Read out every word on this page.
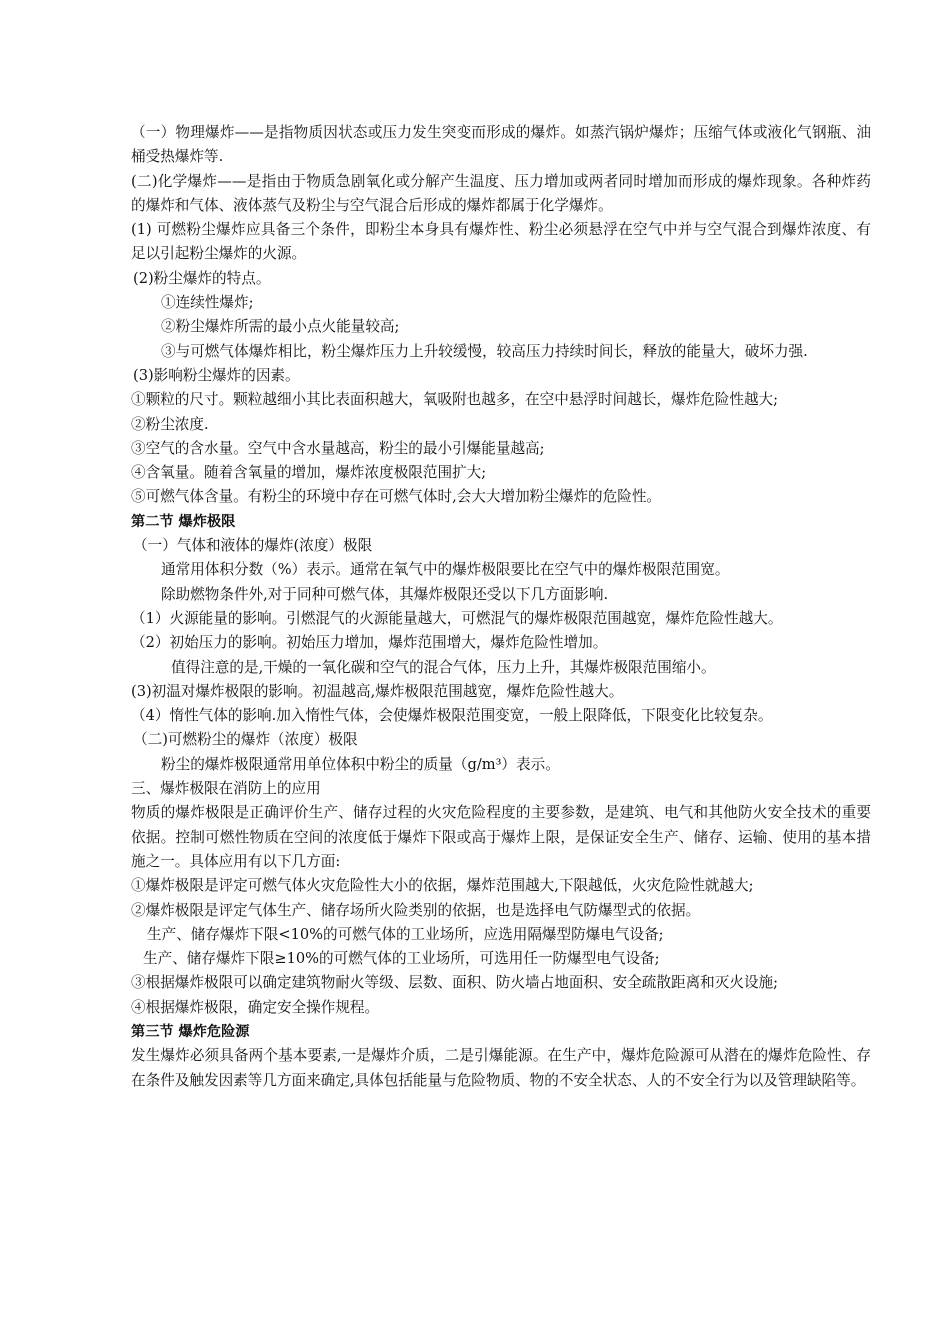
（一）物理爆炸——是指物质因状态或压力发生突变而形成的爆炸。如蒸汽锅炉爆炸；压缩气体或液化气钢瓶、油桶受热爆炸等.

(二)化学爆炸——是指由于物质急剧氧化或分解产生温度、压力增加或两者同时增加而形成的爆炸现象。各种炸药的爆炸和气体、液体蒸气及粉尘与空气混合后形成的爆炸都属于化学爆炸。

(1) 可燃粉尘爆炸应具备三个条件，即粉尘本身具有爆炸性、粉尘必须悬浮在空气中并与空气混合到爆炸浓度、有足以引起粉尘爆炸的火源。

(2)粉尘爆炸的特点。

①连续性爆炸;

②粉尘爆炸所需的最小点火能量较高;

③与可燃气体爆炸相比，粉尘爆炸压力上升较缓慢，较高压力持续时间长，释放的能量大，破坏力强.

(3)影响粉尘爆炸的因素。

①颗粒的尺寸。颗粒越细小其比表面积越大，氧吸附也越多，在空中悬浮时间越长，爆炸危险性越大;

②粉尘浓度.

③空气的含水量。空气中含水量越高，粉尘的最小引爆能量越高;

④含氧量。随着含氧量的增加，爆炸浓度极限范围扩大;

⑤可燃气体含量。有粉尘的环境中存在可燃气体时,会大大增加粉尘爆炸的危险性。

第二节 爆炸极限

（一）气体和液体的爆炸(浓度）极限

通常用体积分数（%）表示。通常在氧气中的爆炸极限要比在空气中的爆炸极限范围宽。

除助燃物条件外,对于同种可燃气体，其爆炸极限还受以下几方面影响.

（1）火源能量的影响。引燃混气的火源能量越大，可燃混气的爆炸极限范围越宽，爆炸危险性越大。

（2）初始压力的影响。初始压力增加，爆炸范围增大，爆炸危险性增加。

值得注意的是,干燥的一氧化碳和空气的混合气体，压力上升，其爆炸极限范围缩小。

(3)初温对爆炸极限的影响。初温越高,爆炸极限范围越宽，爆炸危险性越大。

（4）惰性气体的影响.加入惰性气体，会使爆炸极限范围变宽，一般上限降低，下限变化比较复杂。

（二)可燃粉尘的爆炸（浓度）极限

粉尘的爆炸极限通常用单位体积中粉尘的质量（g/m³）表示。

三、爆炸极限在消防上的应用

物质的爆炸极限是正确评价生产、储存过程的火灾危险程度的主要参数，是建筑、电气和其他防火安全技术的重要依据。控制可燃性物质在空间的浓度低于爆炸下限或高于爆炸上限，是保证安全生产、储存、运输、使用的基本措施之一。具体应用有以下几方面:

①爆炸极限是评定可燃气体火灾危险性大小的依据，爆炸范围越大,下限越低，火灾危险性就越大;

②爆炸极限是评定气体生产、储存场所火险类别的依据，也是选择电气防爆型式的依据。

生产、储存爆炸下限<10%的可燃气体的工业场所，应选用隔爆型防爆电气设备;

生产、储存爆炸下限≥10%的可燃气体的工业场所，可选用任一防爆型电气设备;

③根据爆炸极限可以确定建筑物耐火等级、层数、面积、防火墙占地面积、安全疏散距离和灭火设施;

④根据爆炸极限，确定安全操作规程。

第三节 爆炸危险源

发生爆炸必须具备两个基本要素,一是爆炸介质，二是引爆能源。在生产中，爆炸危险源可从潜在的爆炸危险性、存在条件及触发因素等几方面来确定,具体包括能量与危险物质、物的不安全状态、人的不安全行为以及管理缺陷等。
